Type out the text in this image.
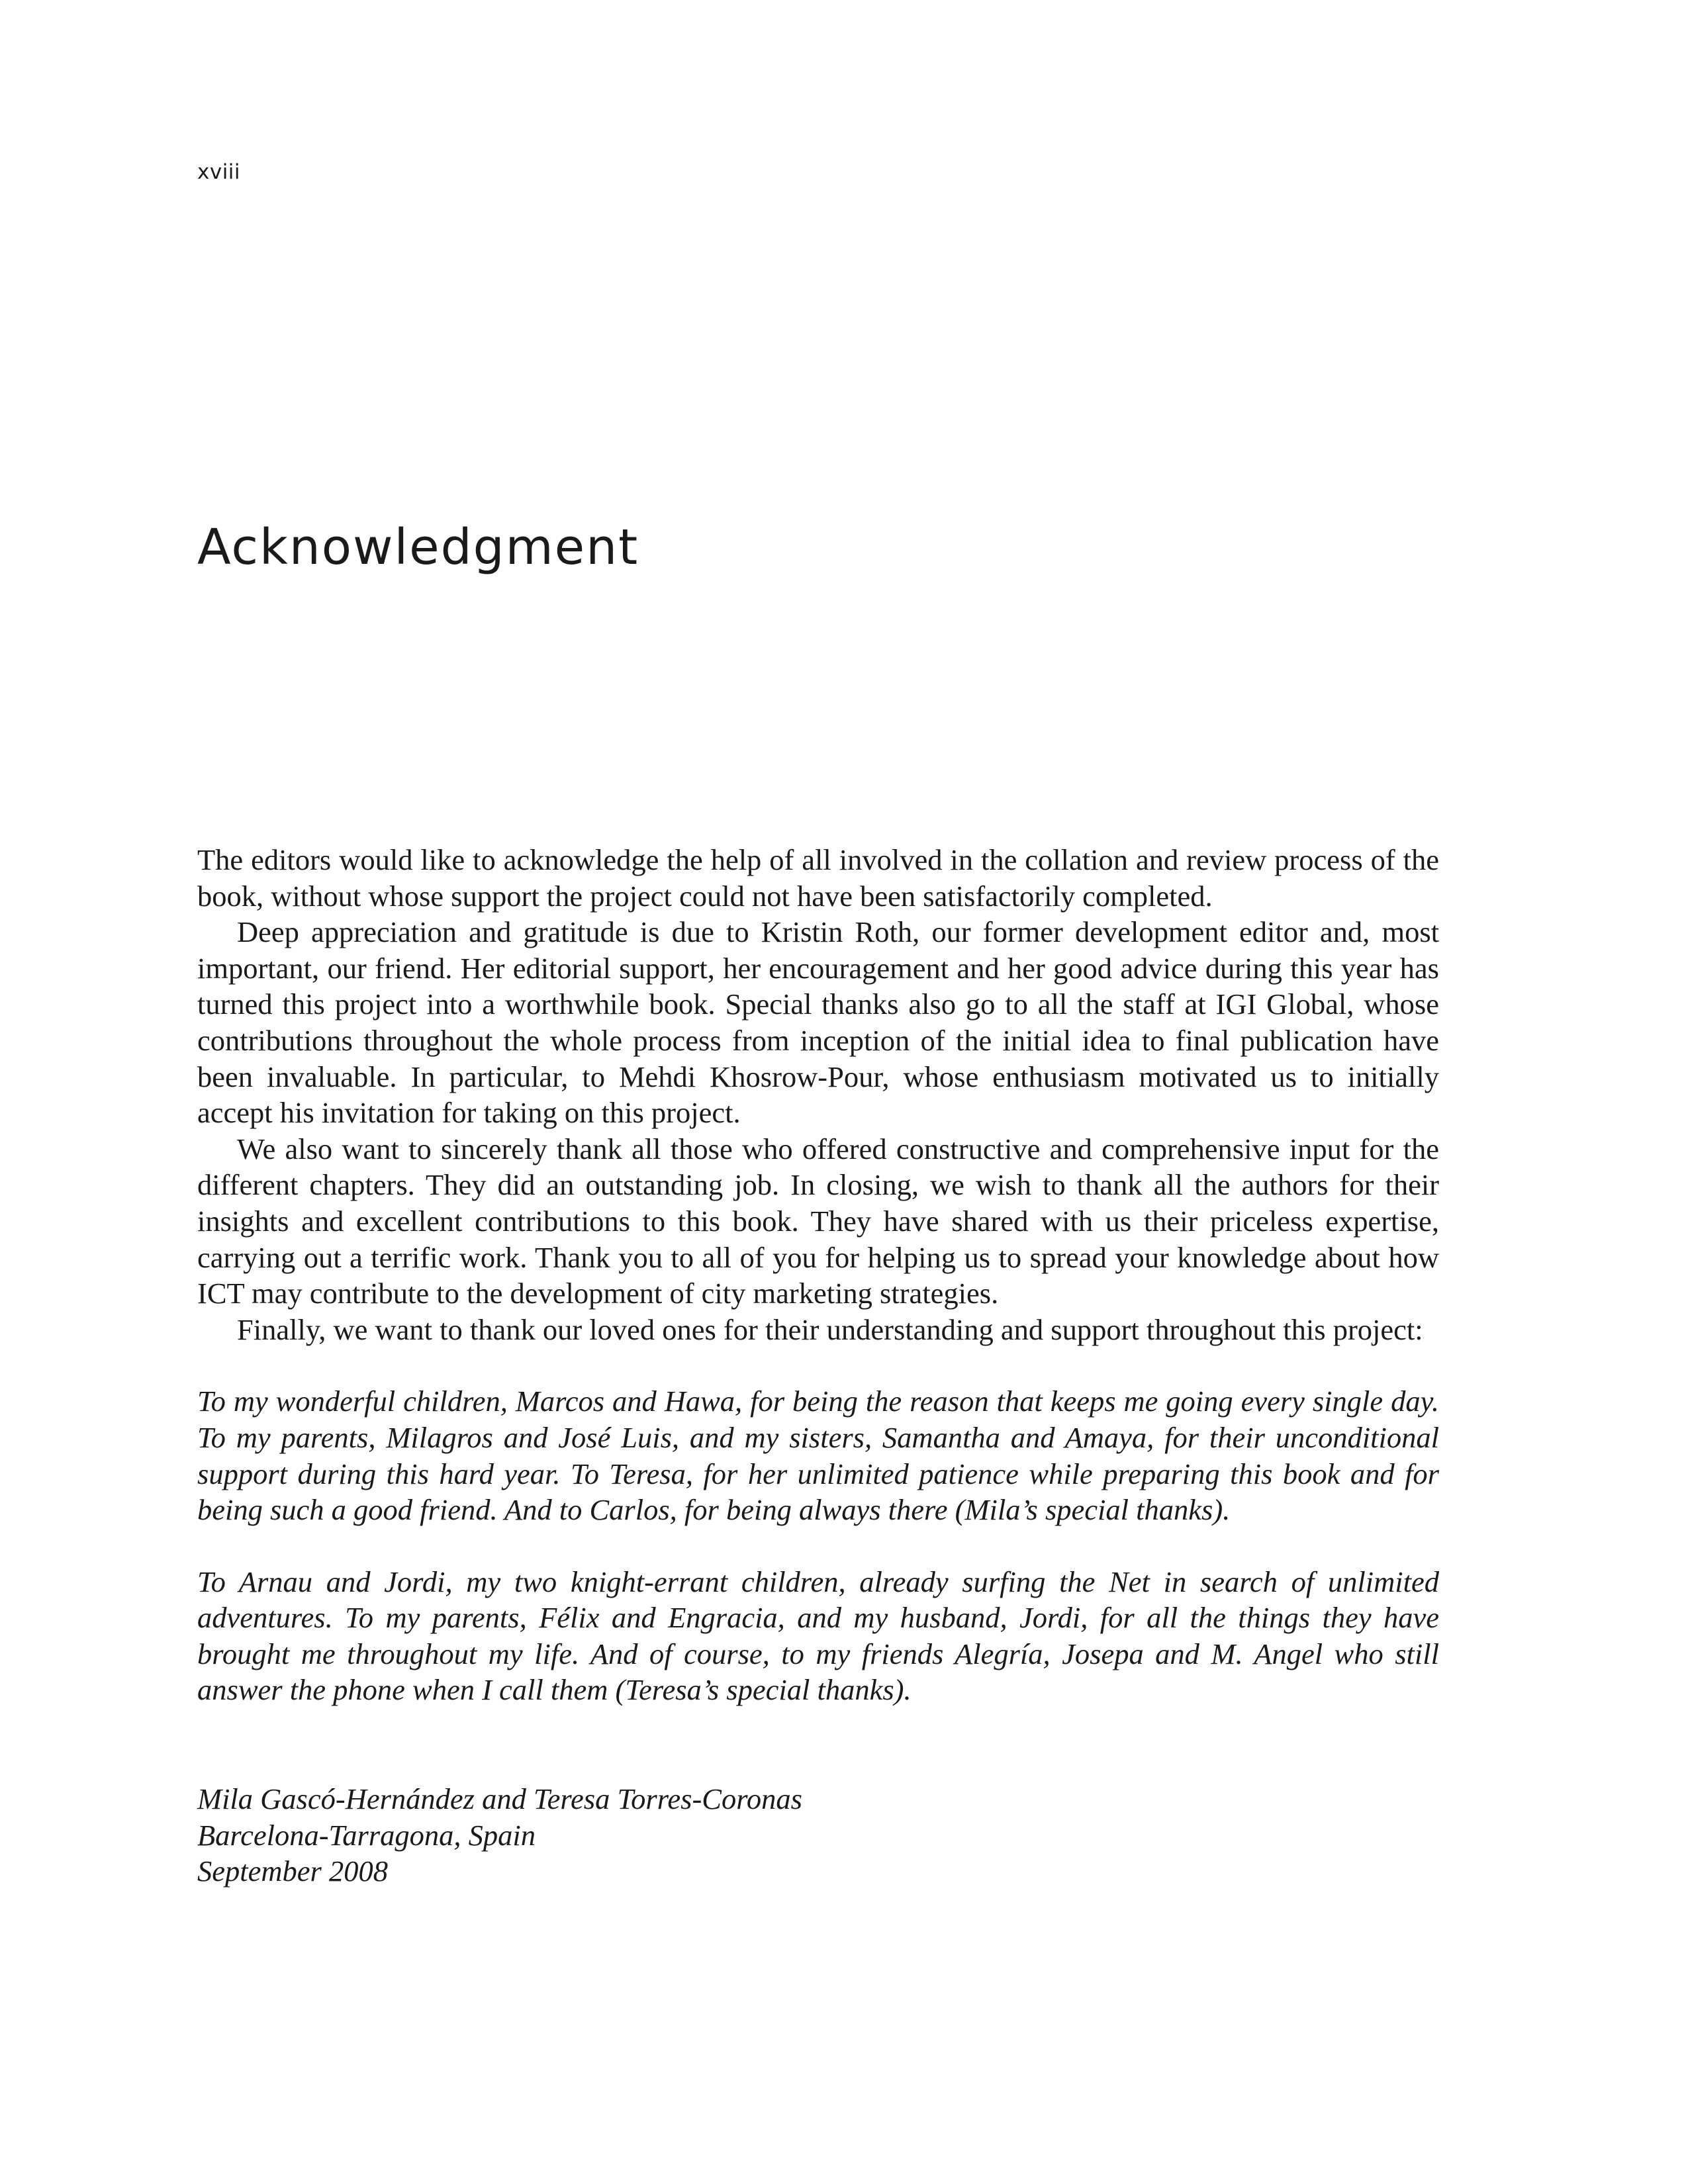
xviii
Acknowledgment

The editors would like to acknowledge the help of all involved in the collation and review process of the book, without whose support the project could not have been satisfactorily completed.

Deep appreciation and gratitude is due to Kristin Roth, our former development editor and, most important, our friend. Her editorial support, her encouragement and her good advice during this year has turned this project into a worthwhile book. Special thanks also go to all the staff at IGI Global, whose contributions throughout the whole process from inception of the initial idea to final publication have been invaluable. In particular, to Mehdi Khosrow-Pour, whose enthusiasm motivated us to initially accept his invitation for taking on this project.

We also want to sincerely thank all those who offered constructive and comprehensive input for the different chapters. They did an outstanding job. In closing, we wish to thank all the authors for their insights and excellent contributions to this book. They have shared with us their priceless expertise, carrying out a terrific work. Thank you to all of you for helping us to spread your knowledge about how ICT may contribute to the development of city marketing strategies.

Finally, we want to thank our loved ones for their understanding and support throughout this project:

To my wonderful children, Marcos and Hawa, for being the reason that keeps me going every single day. To my parents, Milagros and José Luis, and my sisters, Samantha and Amaya, for their unconditional support during this hard year. To Teresa, for her unlimited patience while preparing this book and for being such a good friend. And to Carlos, for being always there (Mila’s special thanks).

To Arnau and Jordi, my two knight-errant children, already surfing the Net in search of unlimited adventures. To my parents, Félix and Engracia, and my husband, Jordi, for all the things they have brought me throughout my life. And of course, to my friends Alegría, Josepa and M. Angel who still answer the phone when I call them (Teresa’s special thanks).

Mila Gascó-Hernández and Teresa Torres-Coronas
Barcelona-Tarragona, Spain
September 2008
